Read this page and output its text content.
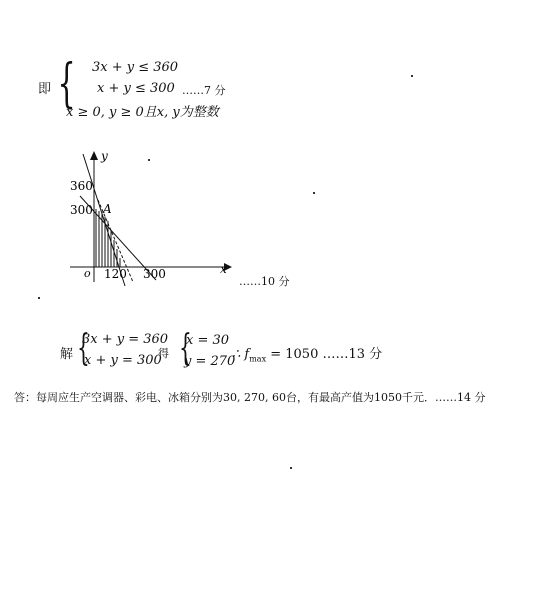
即 { 3x + y ≤ 360
x + y ≤ 300
x ≥ 0, y ≥ 0且x, y为整数
……7 分
y
x
o
360
300 A
120 300
……10 分
解 {
3x + y = 360
x + y = 300
得 {
x = 30
y = 270
∴ $f_{max} = 1050$ ……13 分
答：每周应生产空调器、彩电、冰箱分别为30, 270, 60台，有最高产值为1050千元．……14 分
